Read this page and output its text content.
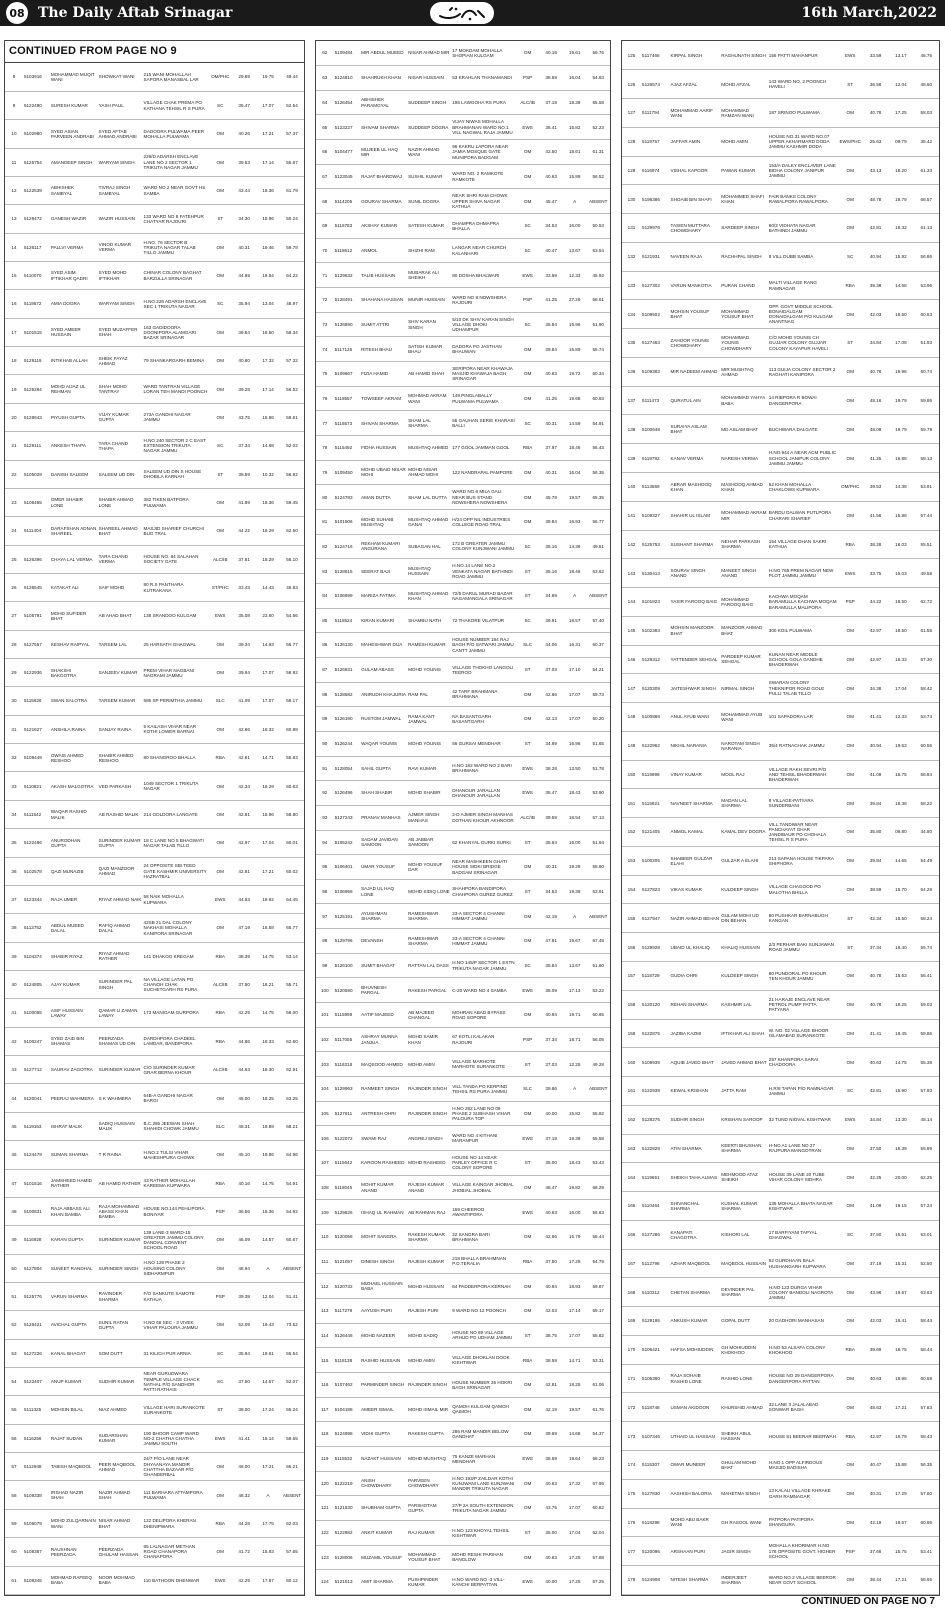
08 The Daily Aftab Srinagar	16th March,2022
CONTINUED FROM PAGE NO 9
8	5103916	MOHAMMAD MUQIT WANI	SHOWKAT WANI	215 WANI MOHALLAH SAPORA MANASBAL LAR	OM/PHC	29.69	19.75	49.44
9	5122490	SURESH KUMAR	YASH PAUL	VILLAGE CHAK PREMA PO KATHANA TEHSIL R S PURA	SC	35.47	17.07	52.54
10	5102980	SYED ASIAN PARVEEN ANDRABI	SYED AFTAB AHMAD ANDRABI	DADOORA PULWAMA PEER MOHALLA PULWAMA	OM	40.26	17.21	57.37
11	5125754	AMANDEEP SINGH	WARYAM SINGH	226/D ADARSH ENCLAVE LANE NO 2 SECTOR 1 TRIKUTA NAGAR JAMMU	OM	39.53	17.14	56.67
12	5122539	ABHISHEK SAMBYAL	TIVRAJ SINGH SAMBYAL	WARD NO 2 NEAR GOVT HS SAMBA	OM	43.44	18.36	61.79
13	5129472	GANESH WAZIR	WAZIR HUSSAIN	133 WARD NO 8 FATEHPUR CHATYAR RAJOURI	ST	34.30	15.96	50.24
14	5126117	PALLVI VERMA	VINOD KUMAR VERMA	H.NO. 76 SECTOR B TRIKUTA NAGAR TALAB TILLO JAMMU	OM	40.31	19.46	59.78
15	5110070	SYED ASIM IFTIKHAR QADRI	SYED MOHD IFTIKHAR	CHINAR COLONY BAGHAT BARZULLA SRINAGAR	OM	44.69	19.54	64.22
16	5119572	AMIA DOGRA	WARYAM SINGH	H.NO.226 ADARSH ENCLAVE SEC 1 TRIKUTA NAGAR	SC	35.94	13.04	48.97
17	5101515	SYED AMEER HUSSAIN	SYED MUZAFFER SHAH	163 GADIDOORA DOONIPORA ALAMGARI BAZAR SRINAGAR	OM	39.84	18.50	58.34
18	5129119	INTIKHAB ALLAH	SHEIK FAYAZ AHMAD	79 SHANKARGARH BEMINA	OM	40.80	17.32	57.32
19	5125284	MOHD AIJAZ UL REHMAN	SHAH MOHD TANTRAY	WARD TANTRAN VILLAGE LORAN TEH MANDI POONCH	OM	39.28	17.14	56.52
20	5128643	PIYUSH GUPTA	VIJAY KUMAR GUPTA	273A GANDHI NAGAR JAMMU	OM	43.75	15.86	59.61
21	5129111	ANKESH THAPA	TARA CHAND THAPA	H.NO 240 SECTOR 2 C EAST EXTENSION TRIKUTA NAGAR JAMMU	SC	37.34	14.68	52.02
22	5105029	DANISH SALEEM	SALEEM UD DIN	SALEEM UD DIN S HOUSE DHOBILA KARNAH	ST	38.59	10.32	56.92
23	5106465	OMER SHABIR LONE	SHABIR AHMAD LONE	382 TIKEN BATPORA PULWAMA	OM	41.89	18.36	59.45
24	5111404	DARAFSHAN ADNAN SHAREEL	SHAREEL AHMAD BHAT	MASJID SHARIEF CHURCHI BUG TRAL	OM	44.22	18.29	62.50
25	5126396	CHAYA LAL VERMA	TARA CHAND VERMA	HOUSE NO. 84 SALAHAN SOCIETY GATE	ALC/IB	37.81	18.29	56.10
26	5126545	KATAKAT ALI	SAIF MOHD	80 R.S PANTHARA KUTRAKANA	ST/PHC	33.43	14.43	45.83
27	5105791	MOHD SUFIDER BHAT	AB AHAD BHAT	138 SRANDOO KULGAM	EWS	35.08	23.60	54.66
28	5127557	KESHAV RAIPYAL	TARSEM LAL	25 HARSATH GHAGWAL	OM	39.34	14.93	56.77
29	5122936	SHAKSHI BAKGOTRA	SANJEEV KUMAR	PREM VIHAR NAGBANI NAGRAMI JAMMU	OM	39.94	17.07	56.92
30	5115626	SWAN SALOTRA	TARSEM KUMAR	585 SP PERIMTHIA JAMMU	SLC	41.09	17.07	58.17
31	5121627	ANSHILA RAINA	SANJAY RAINA	5 KAILASH VIHAR NEAR KOTHI LOWER BARNAI	OM	42.66	18.32	60.98
32	5109449	OWAIS AHMED RESHOO	SHABIR AHMED RESHOO	80 SHANGROO BHALLA	RBA	42.81	14.71	55.83
33	5110821	AKASH MALGOTRA	VED PARKASH	1049 SECTOR 1 TRIKUTA NAGAR	OM	42.34	18.29	60.63
34	5111542	WAQAR RASHID MALIK	AB RASHID MALIK	214 GOLDORA LANGATE	OM	42.81	15.96	58.80
35	5122486	ANURODHAN GUPTA	SURINDER KUMAR GUPTA	18 C LANE NO 5 BHAGWATI NAGAR TALAB TILLO	OM	42.97	17.04	60.01
36	5102578	QAZI MUNAZIB	QAZI MANZOOR AHMAD	24 OPPOSITE SBI TEED GATE KASHMIR UNIVERSITY HAZRATBAL	OM	42.81	17.21	60.02
37	5123344	RAJA UMER	RIYAZ AHMAD NAIK	58 NAIK MOHALLA KUPWARA	EWS	44.53	19.92	64.45
38	5113752	ABDUL MUEED DALAL	RAFIQ AHMAD DALAL	42SB 21 DAL COLONY NAKHASI MOHALLA KANIPORA SRINAGAR	OM	47.19	18.58	65.77
39	5104374	SHABIR RIYAZ	RIYAZ AHMAD RATHER	141 DHAKOO KREGAM	RBA	38.39	14.75	53.14
40	5124805	AJAY KUMAR	SURINDER PAL SINGH	NA VILLAGE LATAN PO CHANOH CHAK SUCHETGARH RS PURA	ALC/IB	37.50	18.21	55.71
41	5100055	ASIF HUSSAIN LAWAY	QAMAR U ZAMAN LAWAY	173 MANIGAM GURPORA	RBA	42.25	14.75	56.00
42	5100247	SYED ZAID BIN SHAMAS	PEERZADA SHAMAS UD DIN	DARDHPORA CHADEEL LAMDAR, BANDIPORA	RBA	44.86	18.33	62.60
43	5127712	SAURAV ZAGOTRA	SURINDER KUMAR	C/O SURINDER KUMAR GRAR BERNA KHOUR	ALC/IB	44.63	18.30	62.91
44	5120041	PEERAJ WAHMERA	S K WAHMERA	64B-A GANDHI NAGAR BARGI	OM	45.00	18.25	63.25
45	5119153	ISHRAT MALIK	SADIQ HUSSAIN MALIK	B.C.285 JEEWAN SHAH SHAHIDI CHOWK JAMMU	SLC	48.31	19.89	68.21
46	5124479	SUMAN SHARMA	T R RAINA	H.NO.2 TULSI VIHAR MAHESHPURA CHOWK	OM	45.10	19.86	64.96
47	5101516	JAMSHEED HAMID RATHER	AB HAMID RATHER	43 RATHER MOHALLAH KAREEMA KUPWARA	RBA	40.16	14.75	54.91
48	5100831	RAJA ABBASS ALI KHAN BAMBA	RAJA MOHAMMAD ABASS KHAN BAMBA	HOUSE NO.144 PEHLIPORA BONIYAR	PSP	36.56	18.36	54.92
49	5116928	KARAN GUPTA	SURINDER KUMAR	139 LANE-3 WARD-15 GREATER JAMMU COLONY DANDIAL CONVENT SCHOOL ROAD	OM	46.09	14.57	60.67
50	5127804	SUNEET RANDHAL	SURINDER SINGH	H.NO 129 PHASE 2 HOUSING COLONY SIDHARMPUR	OM	48.94	A	ABSENT
51	5125776	VARUN SHARMA	RAVINDER SHARMA	F/O SANKUTE SAMOTE KATHUA	PSP	39.38	12.04	51.41
52	5126421	AVICHAL GUPTA	SUNIL RATAN GUPTA	H.NO 68 SEC - 3 VIVEK VIHAR PALOURA JAMMU	OM	52.09	19.43	73.52
53	5127226	KANAL BHAGAT	SOM DUTT	31 KILICH PUR ARNIA	SC	35.94	19.61	55.54
54	5122407	ANUP KUMAR	SUDHIR KUMAR	NEAR GURUDWARA TEMPLE VILLAGE CHACK NATHAL P/O SANDHOR PATTI RATHAIS	SC	37.50	14.57	52.07
55	5111325	MOHSIN BILAL	NIAZ AHMED	VILLAGE HARI SURANKOTE SURANKOTE	ST	38.00	17.24	55.24
56	5116256	RAJAT SUDAN	SUDARSHAN KUMAR	190 BHOOR CAMP WARD NO-2 CHATHA CHATHA JAMMU SOUTH	EWS	41.41	18.14	59.55
57	5112948	TABISH MAQBOOL	PEER MAQBOOL AHMAD	24/7 P/O LANE NEAR DHYAANAYA MANDIR CHATTHA BAZAAR P/O GHANDERBAL	OM	48.00	17.21	65.21
58	5109338	IRSHAD NAZIR SHAH	NAZIR AHMAD SHAH	111 BARHARA ATTAMPORA PULWAMA	OM	48.32	A	ABSENT
59	5106079	MOHD ZULQARNAIN WANI	NISAR AHMAD BHAT	122 DELIPORA KHERAN DHENIPWARA	RBA	44.28	17.75	62.03
60	5108387	RAUSHNAN PEERZADA	PEERZADA GHULAM HASSAN	65 LALNAGAR METHAN ROAD CHANAPORA CHANAPORA	OM	41.72	15.93	57.65
61	5108345	MOHMAD RAFEEQ BABA	NOOR MOHMAD BABA	110 BATHOON DHENWAR	EWS	42.25	17.87	60.12
62	5109484	MIR ABDUL MUEED	NISAR AHMAD MIR	17 MOKDAM MOHALLA SHOPIAN KULGAM	OM	40.16	19.61	59.76
63	5124810	SHAHRUKH KHAN	NISAR HUSSAIN	53 KRAHLAN THANAMANDI	PSP	38.59	16.04	54.63
64	5126454	ABHISHEK PARAMGYAL	SUDDEEP SINGH	195 LAWGOHA RS PURA	ALC/IB	37.19	18.39	55.58
65	5123227	SHIVAM SHARMA	SUDDEEP DOGRA	VIJAY NIWAS MOHALLA BRAHMANAN WARD NO.1 VILL NAGWAL RAJA JAMMU	EWS	36.41	15.82	52.23
66	5104477	MUJEEB UL HAQ MIR	NAZIR AHMAD WANI	96 KAKRU LAPORA NEAR JAMIA MOSQUE GATE MUNIPORA BADGAM	OM	42.50	18.61	61.31
67	5123045	RAJAT BHARDWAJ	SUSHIL KUMAR	WARD NO. 2 RAMKOTE RAMKOTE	OM	40.63	15.89	56.52
68	5114205	GOURAV SHARMA	SUNIL DOGRA	NEAR SHRI RAM CHOWK UPPER SHIVA NAGAR KATHUA	OM	45.47	A	ABSENT
69	5116783	AKSHAY KUMAR	SATESH KUMAR	DHAMPRA DHMAPRA BHALLA	SC	34.53	16.00	50.53
70	5118612	ANMOL	SHIZHI RAM	LANGAR NEAR CHURCH KALANHARI	SC	40.47	13.67	53.54
71	5129632	TALIB HUSSAIN	MUBARAK ALI SHEIKH	80 DOSHA BHALWARI	EWS	33.59	12.33	45.92
72	5128491	SHAHANA HASSAN	MUNIR HUSSAIN	WARD NO 8 NOWSHERA RAJOURI	PSP	41.25	27.26	58.61
73	5126890	SUMIT ATTRI	SHIV KARAN SINGH	5/10 DK SHIV KARAN SINGH VILLAGE DHOKI UDHAMPUR	SC	35.94	15.96	51.90
74	5117125	RITESH BHAU	SATISH KUMAR BHAU	DADORA PO JASTHAN BHAUWAN	OM	39.84	15.89	55.74
75	5109667	FIZIA HAMID	AB HAMID SHAH	SERIPORA NEAR KHAWAJA MASJID KHAWAJA BAGH SRINAGAR	OM	40.63	19.72	60.34
76	5118557	TOWSEEF AKRAM	MOHMAD AKRAM WANI	149 PINGLABALLY PULWAMA PULWAMA	OM	41.25	19.68	60.93
77	5116573	SHIVAN SHARMA	SHAM LAL SHARMA	55 GAUHAN SERIE KHARASI BALLI	SC	40.31	14.59	54.91
78	5115492	FIDHA HUSSAIN	MUSHTAQ AHMED	177 GOOL JAMMAN GOOL	RBA	37.97	18.46	56.43
79	5109450	MOHD UBAID NISAR MOHI	MOHD NISAR AHMAD MOHI	122 NANDRAPAL PAMPORE	OM	40.31	16.04	56.35
80	5124783	AMAN DUTTA	SHAM LAL DUTTA	WARD NO.6 MILA GALI NEAR BUS STAND NOWSHERA NOWSHERA	OM	45.78	19.57	65.35
81	5101506	MOHD SUHAIB MUSHTAQ	MUSHTAQ AHMAD GANAI	H/24 OPP NIL INDUSTRIES COLLEGE ROAD TRAL	OM	39.84	16.93	56.77
82	5124716	REKHAM KUMARI ANGURANA	SUBAGAN HAL	172 B GREATER JAMMU COLONY KUNJWANI JAMMU	SC	35.16	14.36	49.51
83	5128615	SEERAT BAJI	MUSHTAQ HUSSAIN	H.NO.14 LANE NO.2 VENKATA NAGAR BATHINDI ROAD JAMMU	ST	35.16	18.46	53.62
84	5106699	MARIZA FATIMA	MUSHTAQ AHMAD KHAN	72/5 DARUL MURAD BAZAR NAGAMANGALA SRINAGAR	ST	34.69	A	ABSENT
85	5118524	KIRAN KUMARI	SHAMBU NATH	72 THAKORE VILATPUR	SC	39.91	18.57	57.40
86	5126130	MAHESHWAR DUA	RAMESH KUMAR	HOUSE NUMBER 184 RAJ BAGH P/O SATWARI JAMMU CANTT JAMMU	SLC	44.06	16.31	60.37
87	5126831	GULAM ABASS	MOHD YOUNIS	VILLAGE THOKHO LANGOLI TEEROO	ST	37.03	17.10	54.21
88	5128582	ANIRUDH KHAJURIA	RAM PAL	42 TARF BRAHMANA BRAHMANA	OM	42.66	17.07	59.73
89	5126190	RUSTOM JAMWAL	RAMA KANT JAMWAL	NA BASANTGARH BASANTGARH	OM	42.13	17.07	60.20
90	5126244	WAQAR YOUNIS	MOHD YOUNIS	56 GURSAI MENDHAR	ST	34.69	16.96	51.65
91	5128054	SAHIL GUPTA	RAVI KUMAR	H.NO 182 WARD NO 2 BARI BRAHMANA	EWS	38.28	13.50	51.78
92	5126496	SHAH SHABIR	MOHD SHABIR	DHANOUR JARALLAN DHANOUR JARALLAN	EWS	35.47	18.43	53.90
93	5127243	PRANAV MANHAS	AJMER SINGH MANHAS	2-D AJMER SINGH MANHAS DOTHAN KHOUR AKHNOOR	ALC/IB	39.59	18.54	57.13
94	5105242	SADAM JAVIDAN SAMOON	AB JABBAR SAMOON	62 KHANYAL GURKI SURKI	ST	35.94	16.00	51.94
95	5106401	UMAR YOUSUF	MOHD YOUSUF DAR	NEAR MASHKEEN GHATI HOUSE SIDKI BRIDGE BADGAM SRINAGAR	OM	40.31	18.29	58.60
96	5106958	SAJAD UL HAQ LONE	MOHD SIDIQ LONE	SHAHPORA BANDIPORA CHAHPORA GUREZ GUREZ	ST	34.53	19.38	53.91
97	5125191	AYUSHMAN SHARMA	RAMESHWAR SHARMA	23-A SECTOR 4 CHANNI HIMMAT JAMMU	OM	42.19	A	ABSENT
98	5129796	DEVANSH	RAMESHWAR SHARMA	23-A SECTOR 4 CHANNI HIMMAT JAMMU	OM	47.81	19.67	67.48
99	5126100	SUMIT BHAGAT	RATTAN LAL DASS	H.NO 145/P SECTOR 1 EXTN TRIKUTA NAGAR JAMMU	SC	35.84	13.67	51.60
100	5120590	BHUVNESH PARGAL	RAKESH PARGAL	C-20 WARD NO 4 SAMBA	EWS	36.09	17.13	53.22
101	5115998	AATIF MAJEED	AB MAJEED CHANGAL	MOHRAN ABAD BYPASS ROAD SOPORE	OM	40.94	19.71	60.65
102	5117055	ASHRAY MUNNA JANJUA	MOHD SAMIR KHAN	67 KOTLI KALAKAN RAJOURI	PSP	37.34	18.71	56.05
103	5116318	MAQSOOD AHMED	MOHD AMIN	VILLAGE MARHOTE MARHOTE SURANKOTE	ST	37.03	12.25	49.28
104	5129963	RANMEET SINGH	RAJINDER SINGH	VILL TANDA PO KERPIND TEHSIL RS PURA JAMMU	SLC	39.86	A	ABSENT
105	5127611	ANTRESH OHRI	RAJINDER SINGH	H.NO 282 LANE NO 09 PHASE 2 SUBHASH VIHAR PALOURA TOP	OM	40.00	15.82	55.82
106	5122072	SWAMI RAJ	ANGREJ SINGH	WARD NO 4 KITHANI MARANPUR	EWS	37.19	18.39	55.58
107	5115642	KAROON RASHEED	MOHD RASHEED	HOUSE NO 14 KEAR PARLEY OFFICE R C COLONY SOPORE	ST	35.00	18.43	53.43
108	5118045	MOHIT KUMAR ANAND	RAJESH KUMAR ANAND	VILLAGE KAINGAR JHOBIAL JHOBIAL JHOBIAL	OM	48.47	19.82	68.29
109	5129826	ISHAQ UL RAHMAN	AB RAHMAN RAJ	159 CHEEROO AWANTIPORA	EWS	40.63	16.00	56.63
110	5120058	MOHIT SANGRA	RAKESH KUMAR SHARMA	22 SANGRA BARI BRAHMANA	OM	42.66	15.79	58.44
111	5121057	DINESH SINGH	RAJESH KUMAR	218 BHALLA BRAHMNAN P.O.TERALIA	RBA	37.50	17.29	54.79
112	5120732	MIZHAEL HUSSAIN BABA	MOHD HUSSAIN	64 PADDERPORA KERNAH	OM	40.94	18.93	59.87
113	5117279	AAYUSH PURI	RAJESH PURI	9 WARD NO 12 POONCH	OM	42.03	17.14	59.17
114	5126448	MOHD NAZEER	MOHD SADIQ	HOUSE NO 69 VILLAGE ARHUD PO UDHAM JAMMU	ST	38.75	17.07	55.82
115	5118138	RASHID HUSSAIN	MOHD AMIN	VILLAGE DHOKLAN DOOK KISHTWAR	RBA	38.59	14.71	53.31
116	5107462	PARMINDER SINGH	RAJINDER SINGH	HOUSE NUMBER 26 HOKRI BAGH SRINAGAR	OM	42.81	18.25	61.06
117	5104188	AMEER ISMAIL	MOHD ISMAIL MIR	QAMOH KULGAM QAMOH QAIMOH	OM	42.19	19.57	61.76
118	5124998	VIDHI GUPTA	RAKESH GUPTA	286 RAM MANDIR BELOW GANDHAT	OM	39.69	14.68	54.37
119	5115532	NAZAKT HUSSAIN	MOHD MUSHTAQ	75 KANZE MARHAN MENDHAR	EWS	38.59	19.64	58.23
120	5122219	ANISH CHOWDHARY	PARVEEN CHOWDHARY	H.NO 193/P ZAILDAR KOTHI KUNJWANI LANE KUNJWANI MANDIR TRIKUTA NAGAR	OM	40.63	17.32	57.95
121	5121830	SHUBHAM GUPTA	PARSHOTAM GUPTA	27/P 2A SOUTH EXTENSION TRIKUTA NAGAR JAMMU	OM	43.75	17.07	60.82
122	5122882	ANKIT KUMAR	RAJ KUMAR	H.NO 123 KHOYAL TEHSIL KISHTWAR	ST	35.00	17.04	52.04
123	5128006	MUZAMIL YOUSUF	MOHAMMAD YOUSUF BHAT	MOHD RESHI PARIHAN BANGLOW	OM	40.63	17.25	57.88
124	5121513	AMIT SHARMA	PUSHPINDER KUMAR	H.NO WARD NO -3 VILL-KANCHI BERPATTAN	EWS	40.00	17.25	57.25
125	5117466	KIRPAL SINGH	RAGHUNATH SINGH	156 PATTI MAHANPUR	EWS	33.59	13.17	46.76
126	5126574	AJAZ AFZAL	MOHD AFZAL	143 WARD NO. 2 POONCH HAVELI	ST	36.56	12.04	48.60
127	5111794	MOHAMMAD AARIF WANI	MOHAMMAD RAMZAN WANI	187 SRINOO PULWAMA	OM	40.78	17.25	58.03
128	5119757	JAFFAR AMIN	MOHD AMIN	HOUSE NO.31 WARD NO.07 UPPER AKHARMARD DODA JAMMU KASHMIR DODA	EWS/PHC	25.63	09.79	35.42
129	5116974	VISHAL KAPOOR	PAWAN KUMAR	153/A DALKY ENCLAVER LANE BIDHA COLONY JANIPUR JAMMU	OM	43.13	18.20	61.33
130	5196386	SHOAIB BIN SHAFI	MOHAMMED SHAFI KHAN	FAIR BANKS COLONY RAWALPORA RAWALPORA	OM	48.78	19.79	68.57
131	5129976	TASIEN MUTTARA CHOWDHARY	SARDEEP SINGH	60/3 VIDHATA NAGAR BATHINDI JAMMU	OM	42.81	18.32	61.13
132	5121931	NAVEEN RAJA	RACHHPAL SINGH	8 VILL DUBB SAMBA	SC	40.94	15.92	56.86
133	5127302	VARUN MANKOTIA	PURAN CHAND	MALTI VILLAGE RANG RAMNAGAR	RBA	39.38	14.58	53.96
134	5109502	MOHSIN YOUSUF BHAT	MOHAMMAD YOUSUF BHAT	OPP. GOVT MIDDLE SCHOOL BONAIDALGAM DONAIDALGAM P/O KULGAM ANANTNAG	OM	42.03	18.50	60.53
135	5127463	ZAHOOR YOUNIS CHOWDHARY	MOHAMMAD YOUNIS CHOWDHARY	C/O MOHD YOUNIS CH GUJJAR COLONY GUJJAR COLONY KAYAPUR HAVELI	ST	34.84	17.08	51.93
136	5109383	MIR NADEEM AHMAD	MIR MUSHTAQ AHMAD	113 GUIJA COLONY SECTOR 2 RAGHATI KANIPORA	OM	40.78	19.96	60.74
137	5111473	QURATUL AIN	MOHAMMAD YAHYA BABA	14 RIBPORA R BOWAI DANGERPORA	OM	48.16	19.79	59.95
138	5100648	SURAIYA ASLAM BHAT	MD ASLAM BHAT	BUCHWARA DALGATE	OM	48.08	19.79	59.79
139	5119792	KANAV VERMA	NARESH VERMA	H.NO.944 A NEAR ACM PUBLIC SCHOOL JANIPUR COLONY JAMMU JAMMU	OM	41.25	16.88	58.13
140	5113559	ABRAR MASHOOQ KHAN	MASHOOQ AHMAD KHAN	52 KHAN MOHALLA CHAKLOWS KUPWARA	OM/PHC	39.53	14.38	53.91
141	5109327	SHAHIR UL ISLAM	MOHAMMAD AKRAM MIR	BARDU DALWAN PUTLPORA CHARARI SHARIEF	OM	41.56	15.88	57.44
142	5125753	SUSHANT SHARMA	NEHAR PARKASH SHARMA	154 VILLAGE DHAN SAKRI KATHUA	RBA	38.28	16.03	55.51
143	5130413	SOURAV SINGH ANAND	MANEET SINGH ANAND	H.NO 765 PREM NAGAR NEW PLOT JAMMU JAMMU	EWS	33.75	15.03	49.58
144	5101823	YASIR FAROOQ BAIG	MOHAMMAD FAROOQ BAIG	KACHWA MOQAM BARAMULLA KACHWA MOQAM BARAMULLA MALIPORA	PSP	44.22	18.50	62.72
145	5102383	MOHSIN MANZOOR BHAT	MANZOOR AHMAD BHAT	300 KOIL PULWAMA	OM	42.97	18.50	61.55
146	5129312	YATTENDER SEHGAL	PARDEEP KUMAR SEHGAL	KUNAN NEAR MIDDLE SCHOOL GOLA GANDHE BHADERWAH	OM	42.97	16.33	57.30
147	5120309	JAITESHWAR SINGH	NIRMAL SINGH	SWARAN COLONY THEKNIPOR ROAD GOLE PULLI TALAB TILLO	OM	34.38	17.04	58.42
148	5100868	ANUL AYUB WANI	MOHAMMAD AYUB WANI	101 SAPADORA LAR	OM	41.41	12.33	53.74
149	5122962	NIKHIL NARANIA	NAROTAM SINGH NARANIA	35/4 RATNACHAK JAMMU	OM	40.94	19.63	60.56
150	5119999	VINAY KUMAR	MOOL RAJ	VILLAGE RAKH SEVRI P/O AND TEHSIL BHADERWAH BHADERWAH	OM	41.09	15.75	56.84
151	5115921	NAVNEET SHARMA	MADAN LAL SHARMA	8 VILLAGE-PATYARA SUNDERBANI	OM	39.84	18.38	58.22
152	5121405	ANMOL KAMAL	KAMAL DEV DOGRA	VILL.TANDIWAR NEAR PANCHAYAT GHAR JANDIBAUR PO CHOHALA TEHSIL R S PURA	OM	35.80	09.80	44.80
153	5100205	SHABEER GULZAR ELAHI	GULZAR A ELAHI	213 SAPANA HOUSE TIKPARA SHIPHORA	OM	39.84	14.65	54.49
154	5127823	VIKAS KUMAR	KULDEEP SINGH	VILLAGE CHAGOOD PO MALOTHA BHILLA	OM	38.59	15.70	54.29
155	5127947	NAZIR AHMAD BEHAN	GULAM MOHI UD DIN BEHAN	80 PUSHKAR BARNABUGH KANGAN	ST	42.34	15.50	58.24
156	5129928	UBAID UL KHALIQ	KHALIQ HUSSAIN	2/3 PERHAR BAKI SUNJAWAN ROAD JAMMU	ST	37.34	18.40	55.74
157	5118729	GUDIA OHRI	KULDEEP SINGH	80 PUNDORAL PO KHOUR TEN KHOUR JAMMU	OM	40.78	15.63	56.41
158	5120120	REHAN SHARMA	KASHMIR LAL	21 HARAJE ENCLAVE NEAR PETROL PUMP PATTA PATYARA	OM	40.78	18.25	59.03
159	5122875	JAZIBA KAZMI	IFTIKHAR ALI SHAH	W. NO. 02 VILLAGE BHOOR ISLAMABAD SURANKOTE	OM	41.41	18.45	59.86
160	5109939	AQUIB JAVED BHAT	JAVED AHMAD BHAT	257 KHANPORA SARAI CHADOORA	OM	40.63	14.75	55.38
161	5122938	KEWAL KRISHAN	JATTA RAM	H.R/8 TAPAN P/O RAMNAGAR JAMMU	SC	42.81	15.90	57.93
162	5128276	SUDHIR SINGH	KRISHAN SAROOP	32 TUND NIOVAL KISHTWAR	EWS	34.84	13.30	48.14
163	5122828	ATIN SHARMA	KEERTI BHUSHAN SHARMA	H-NO A1 LANE NO 27 RAJPURA MANGOTRAN	OM	37.50	18.39	56.89
164	5119651	SHEIKH TAHA ALMAS	MEHMOOD ATAZ SHEIKH	HOUSE 39 LANE 20 TUBE VIHAR COLONY SIDHRA	OM	42.25	20.00	62.25
165	5110464	SHIVANCHAL SHARMA	KUSHAL KUMAR SHARMA	135 MOHALLA BHATA NAGAR KISHTWAR	OM	41.09	16.15	57.24
166	5127286	KANAPATI CHAGOTRA	KISHORI LAL	17 BARFIYANI TAPYAL GHAGWAL	SC	37.50	15.51	53.01
167	5112798	AZHAR MAQBOOL	MAQBOOL HUSSAIN	52 GURDHAAN BALA HUSHANGARH KUPWARA	OM	37.19	15.31	52.50
168	5110312	CHETAN SHARMA	DEVINDER PAL SHARMA	H.NO 123 DURGA VIHAR COLONY BANDOLI NAGROTA JAMMU	OM	43.96	19.67	63.63
169	5129195	ANKUSH KUMAR	GOPAL DUTT	20 GADHORI MANHASAN	OM	42.03	16.41	58.44
170	5106421	HAFSA MOHIUDDIN	GH MOHIUDDIN KHOKHOO	H.NO 53 ALSAFA COLONY KHOKHOO	RBA	39.69	18.75	58.44
171	5105360	RAJA SOHAIB RASHID LONE	RASHID LONE	HOUSE NO 29 DANGERPORA DANGERPORA PATTAN	OM	40.63	19.96	60.59
172	5118748	USMAN AKIDOON	KHURSHID AHMAD	32 LANE 3 JALALABAD SONWAR BAGH	OM	48.63	17.21	57.83
173	5107346	UTHAID UL HASSAN	SHEIKH ABUL HASSAN	HOUSE 81 BEERAR BEERWAH	RBA	42.97	15.79	58.43
174	5115307	OMAR MUNEER	GHULAM MOHD BHAT	H.NO 1 OPP ALFIRDOUS MASJID BADISHA	OM	40.47	15.88	56.35
175	5127830	AASHISH BALORIA	MAHETMA SINGH	13 KALAU VILLAGE KHRAKE GARH RAMNAGAR	OM	40.31	17.29	57.60
176	5118298	MOHD ABU BAKR WANI	GH RASOOL WANI	PATPORA PATIPORA SHANGURA	OM	42.19	18.67	60.86
177	5120096	ARSHAAN PURI	JAGIR SINGH	MOHALLA KHORIMAR H.NO 178 OPPOSITE GOVT. HIGHER SCHOOL	PSP	37.66	15.75	53.41
178	5124908	NITESH SHARMA	INDERJEET SHARMA	WARD NO 2 VILLAGE BEEROR NEAR GOVT SCHOOL	OM	38.44	17.21	55.65
CONTINUED ON PAGE NO 7
